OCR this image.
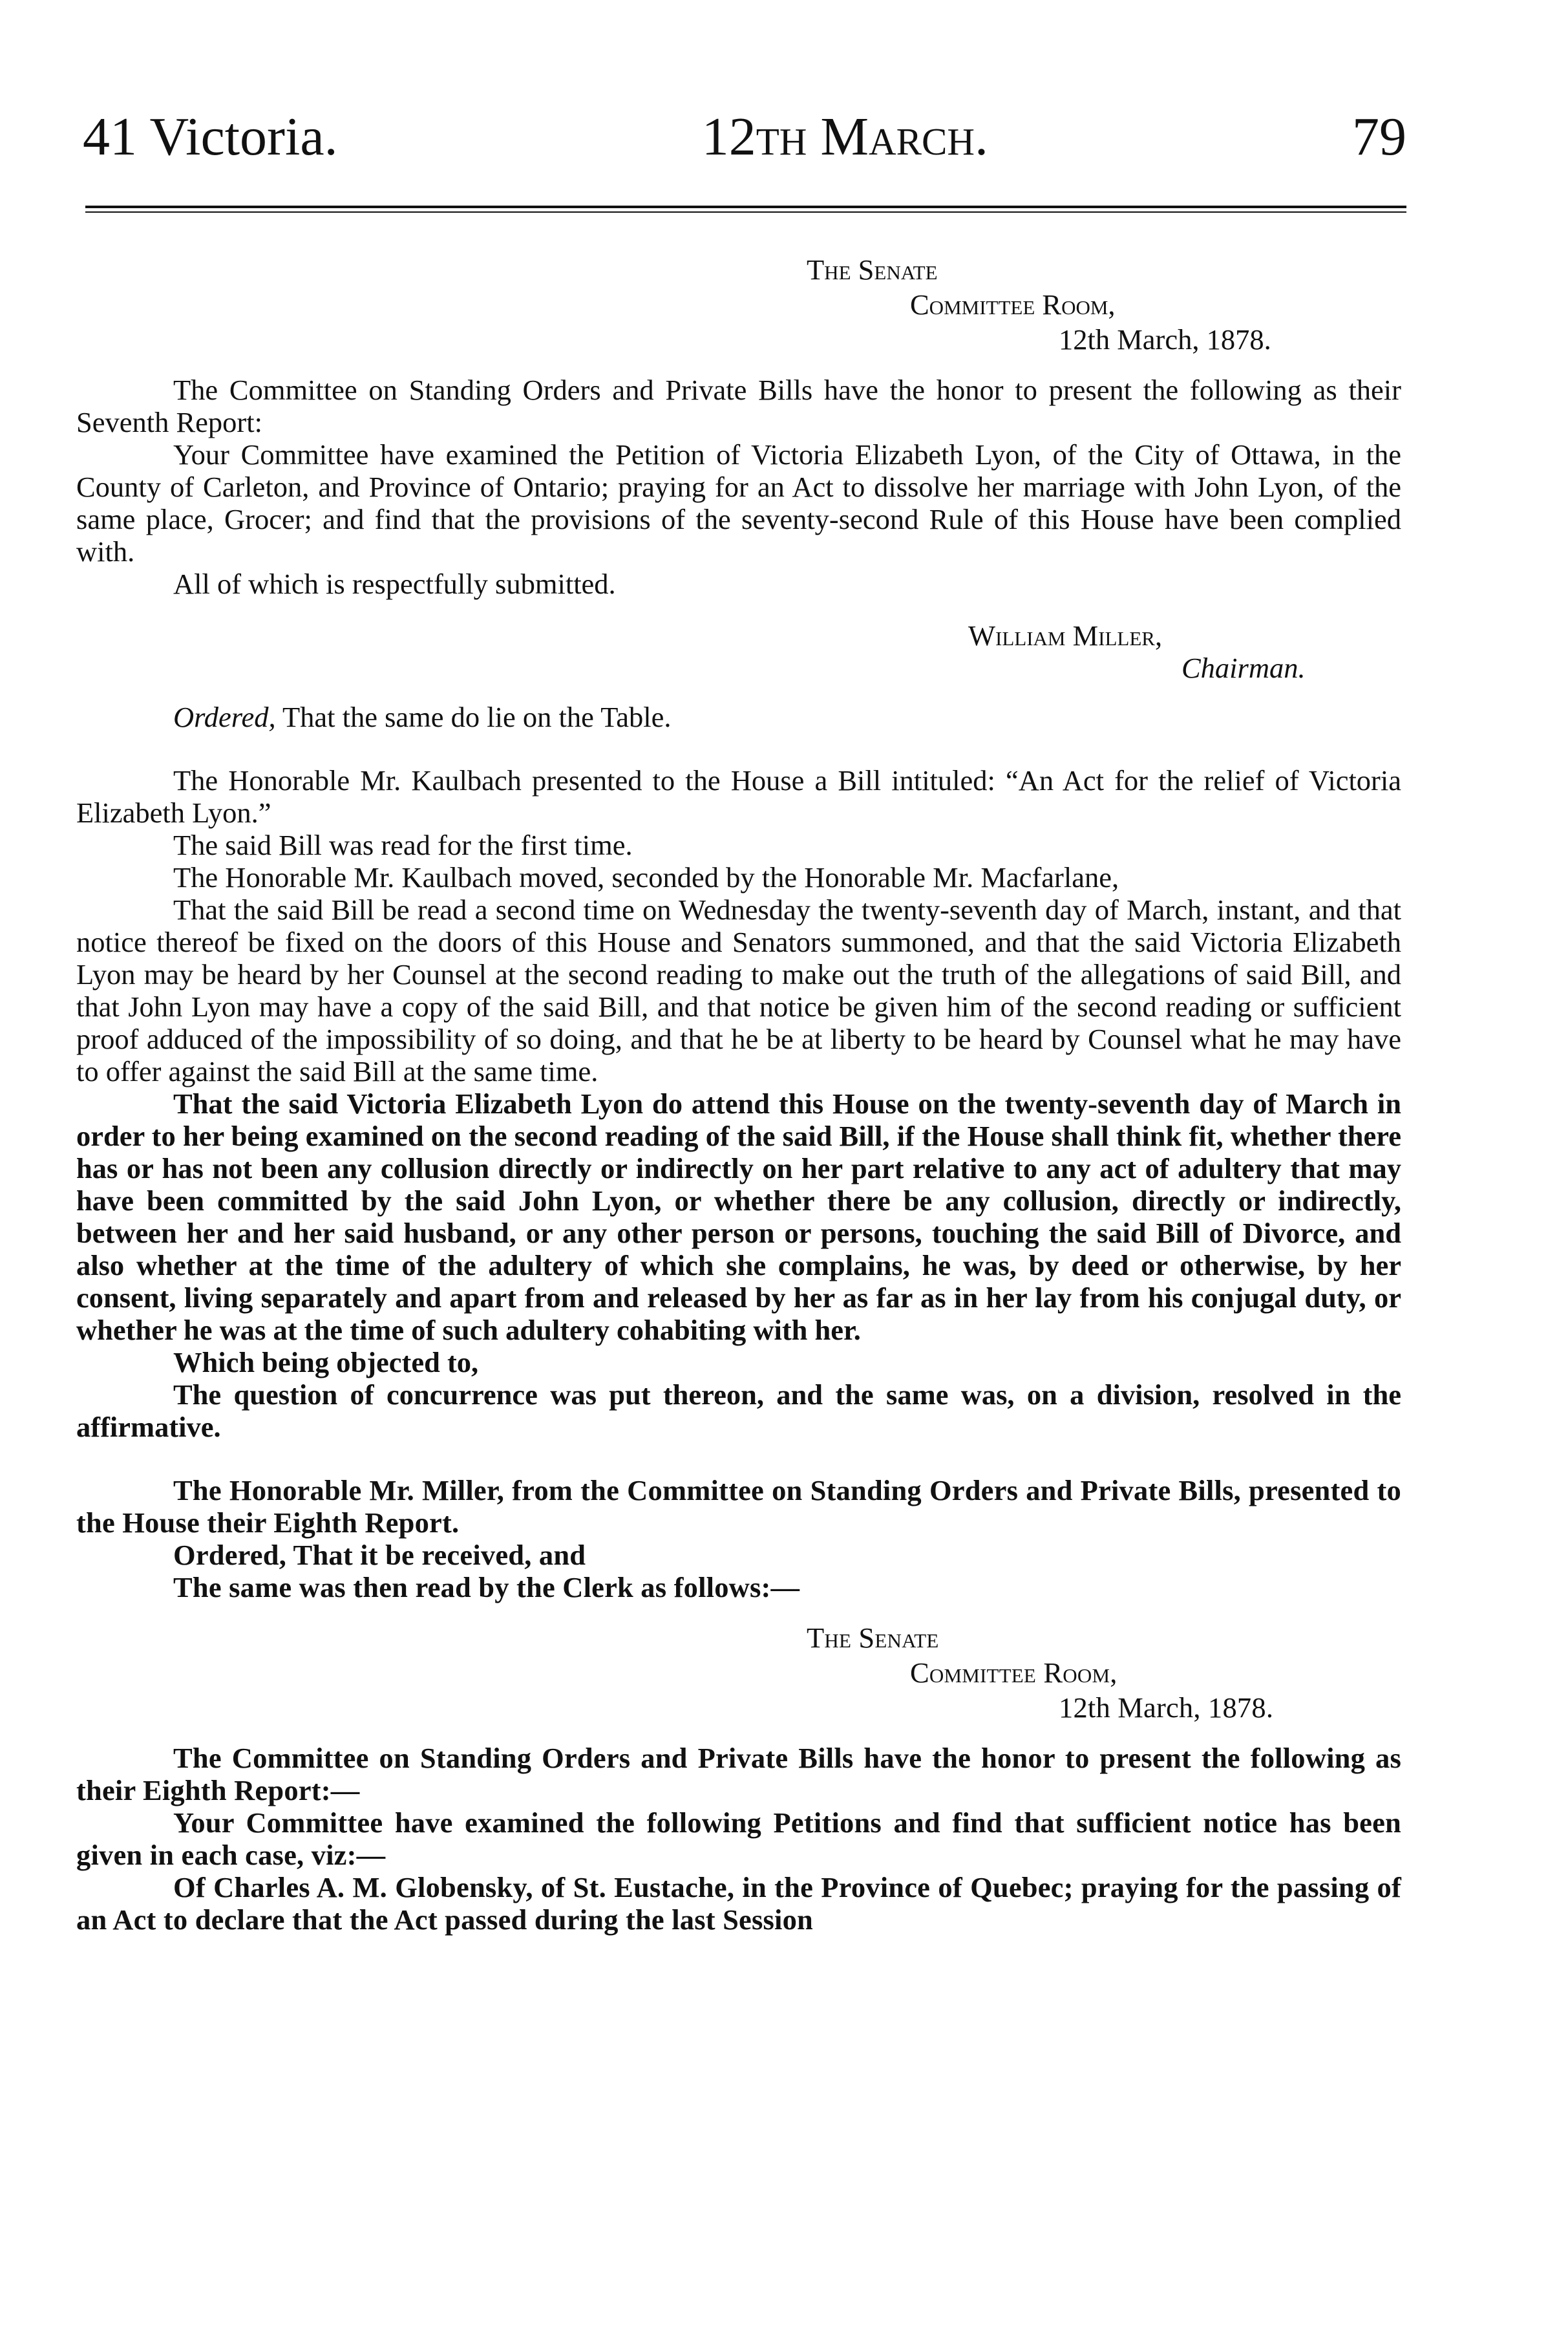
41 Victoria.	12th March.	79
The Senate
Committee Room,
12th March, 1878.

The Committee on Standing Orders and Private Bills have the honor to present the following as their Seventh Report:

Your Committee have examined the Petition of Victoria Elizabeth Lyon, of the City of Ottawa, in the County of Carleton, and Province of Ontario; praying for an Act to dissolve her marriage with John Lyon, of the same place, Grocer; and find that the provisions of the seventy-second Rule of this House have been complied with.

All of which is respectfully submitted.

William Miller,
Chairman.

Ordered, That the same do lie on the Table.

The Honorable Mr. Kaulbach presented to the House a Bill intituled: “An Act for the relief of Victoria Elizabeth Lyon.”

The said Bill was read for the first time.

The Honorable Mr. Kaulbach moved, seconded by the Honorable Mr. Macfarlane,

That the said Bill be read a second time on Wednesday the twenty-seventh day of March, instant, and that notice thereof be fixed on the doors of this House and Senators summoned, and that the said Victoria Elizabeth Lyon may be heard by her Counsel at the second reading to make out the truth of the allegations of said Bill, and that John Lyon may have a copy of the said Bill, and that notice be given him of the second reading or sufficient proof adduced of the impossibility of so doing, and that he be at liberty to be heard by Counsel what he may have to offer against the said Bill at the same time.

That the said Victoria Elizabeth Lyon do attend this House on the twenty-seventh day of March in order to her being examined on the second reading of the said Bill, if the House shall think fit, whether there has or has not been any collusion directly or indirectly on her part relative to any act of adultery that may have been committed by the said John Lyon, or whether there be any collusion, directly or indirectly, between her and her said husband, or any other person or persons, touching the said Bill of Divorce, and also whether at the time of the adultery of which she complains, he was, by deed or otherwise, by her consent, living separately and apart from and released by her as far as in her lay from his conjugal duty, or whether he was at the time of such adultery cohabiting with her.

Which being objected to,

The question of concurrence was put thereon, and the same was, on a division, resolved in the affirmative.

The Honorable Mr. Miller, from the Committee on Standing Orders and Private Bills, presented to the House their Eighth Report.

Ordered, That it be received, and

The same was then read by the Clerk as follows:—

The Senate
Committee Room,
12th March, 1878.

The Committee on Standing Orders and Private Bills have the honor to present the following as their Eighth Report:—

Your Committee have examined the following Petitions and find that sufficient notice has been given in each case, viz:—

Of Charles A. M. Globensky, of St. Eustache, in the Province of Quebec; praying for the passing of an Act to declare that the Act passed during the last Session
